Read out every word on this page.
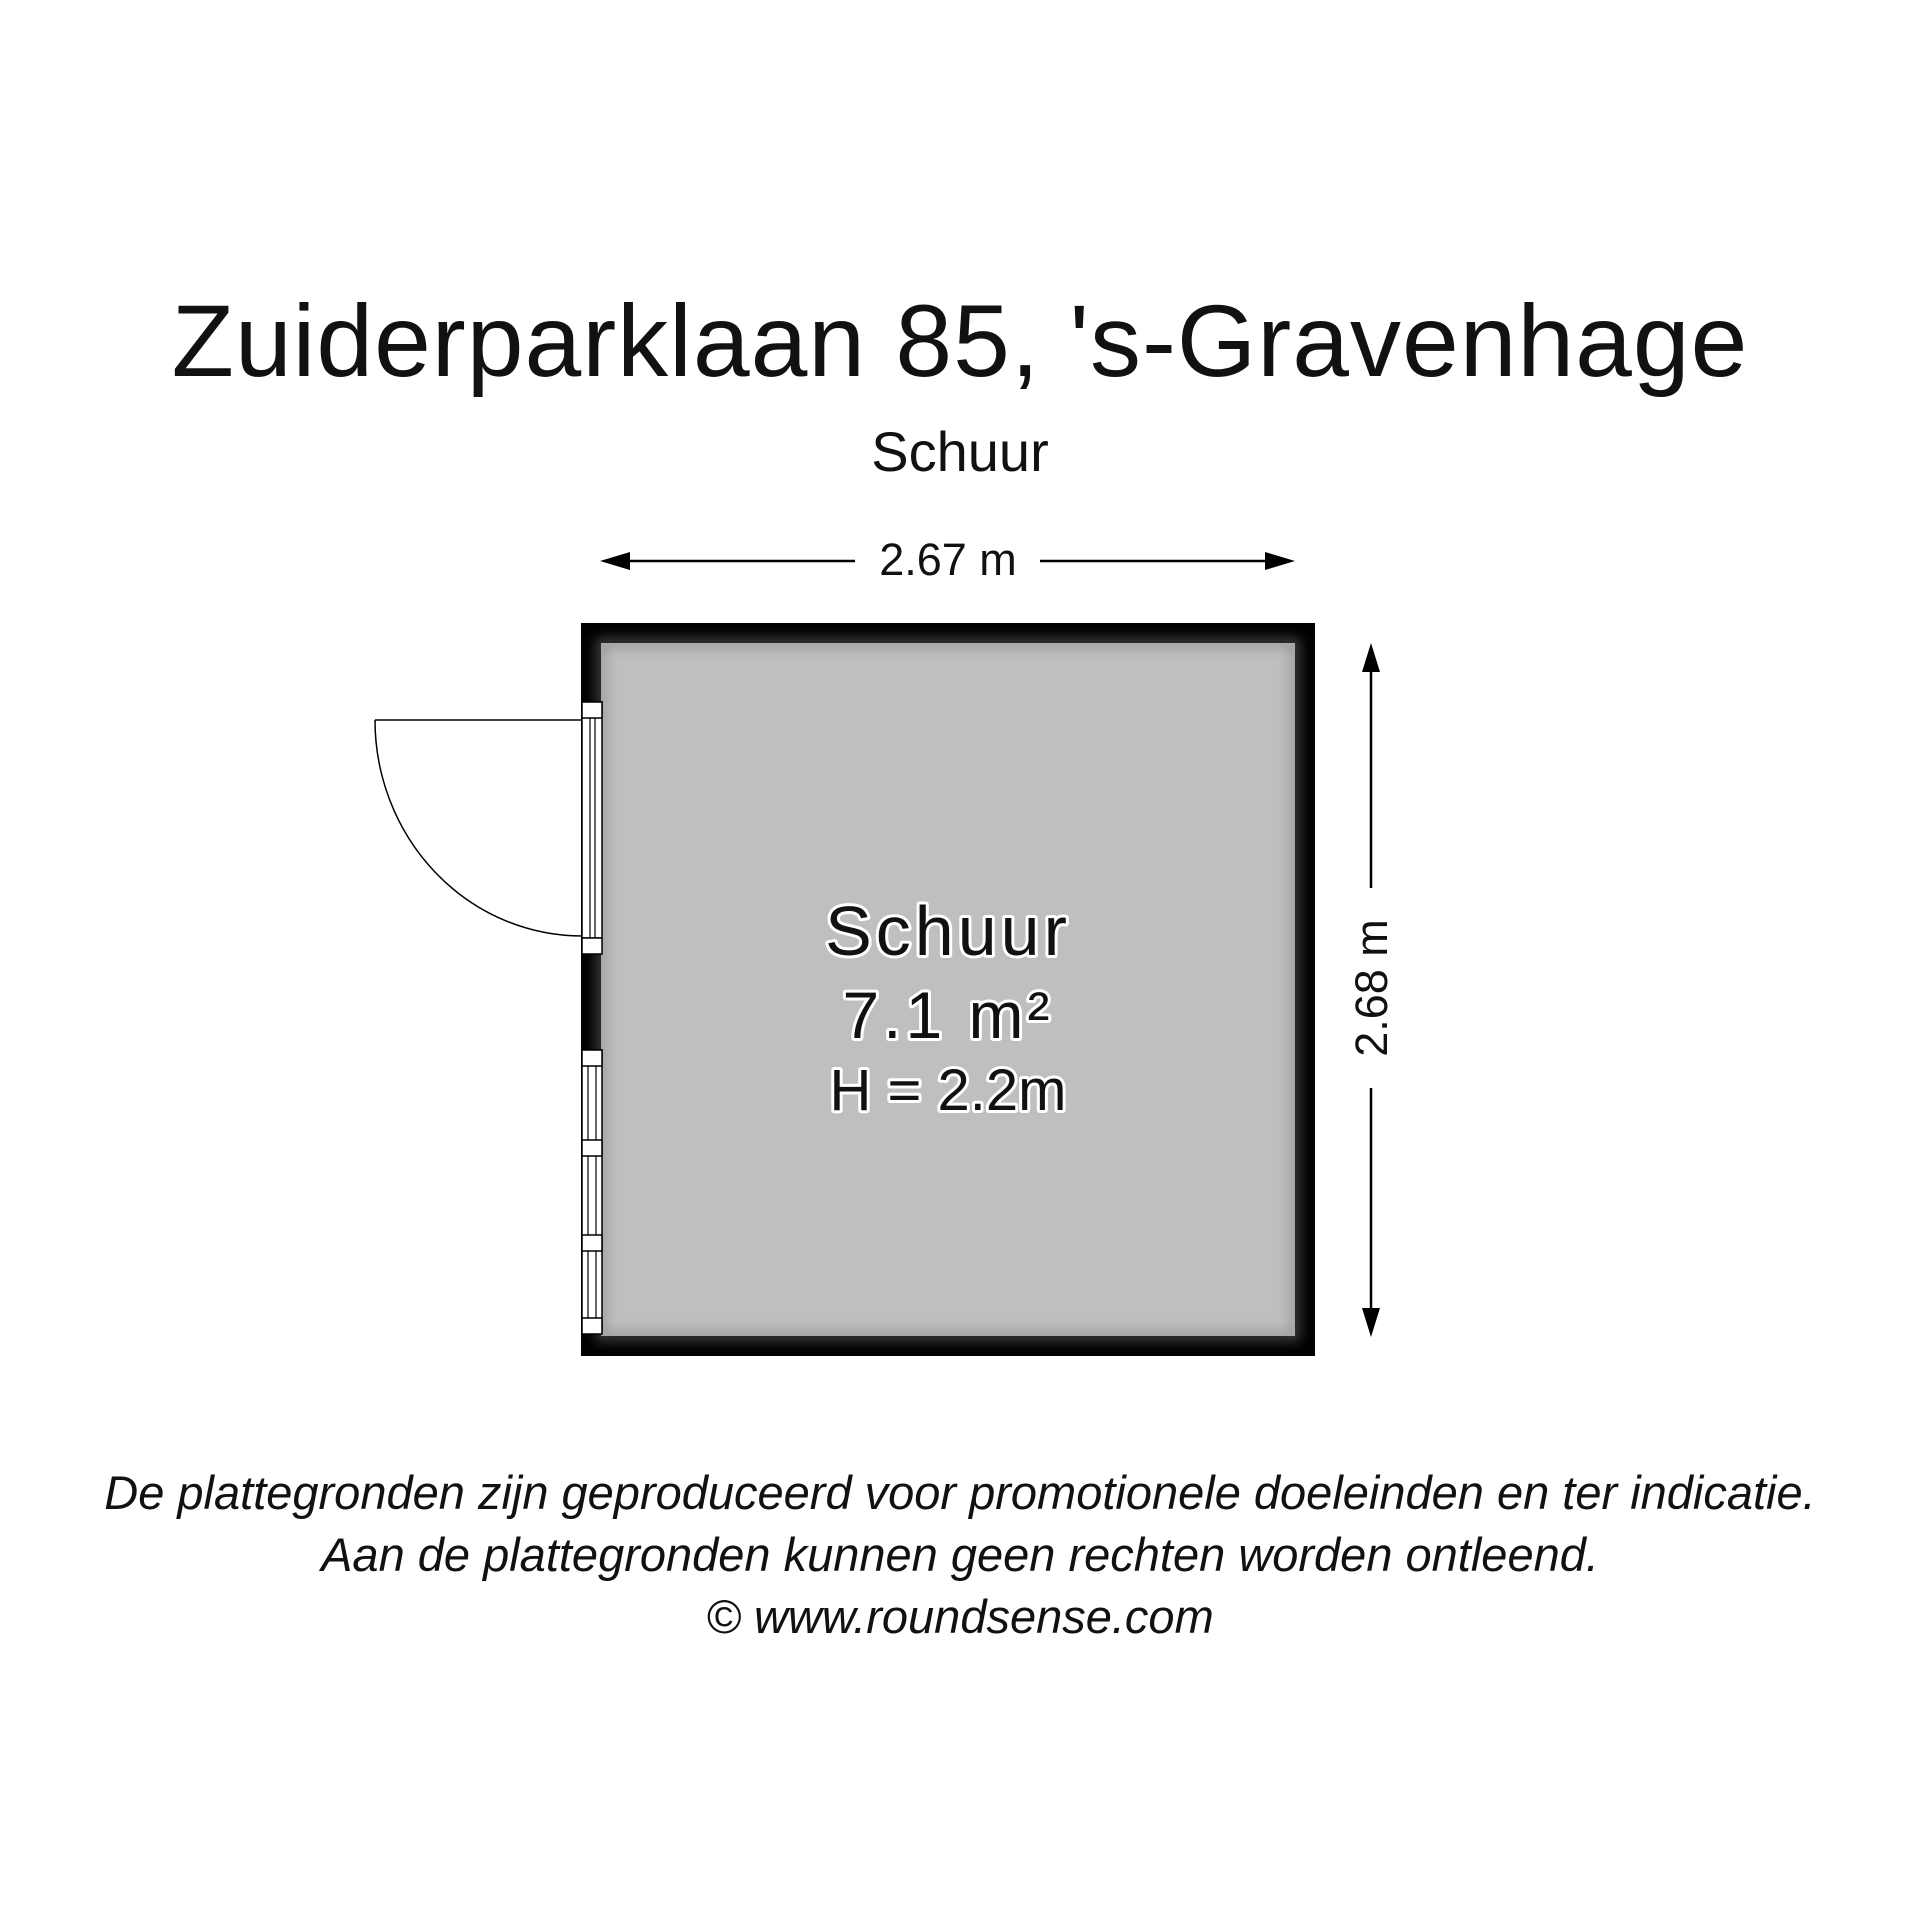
Zuiderparklaan 85, 's-Gravenhage
Schuur
2.67 m
2.68 m
Schuur
7.1 m²
H = 2.2m
De plattegronden zijn geproduceerd voor promotionele doeleinden en ter indicatie.
Aan de plattegronden kunnen geen rechten worden ontleend.
© www.roundsense.com
